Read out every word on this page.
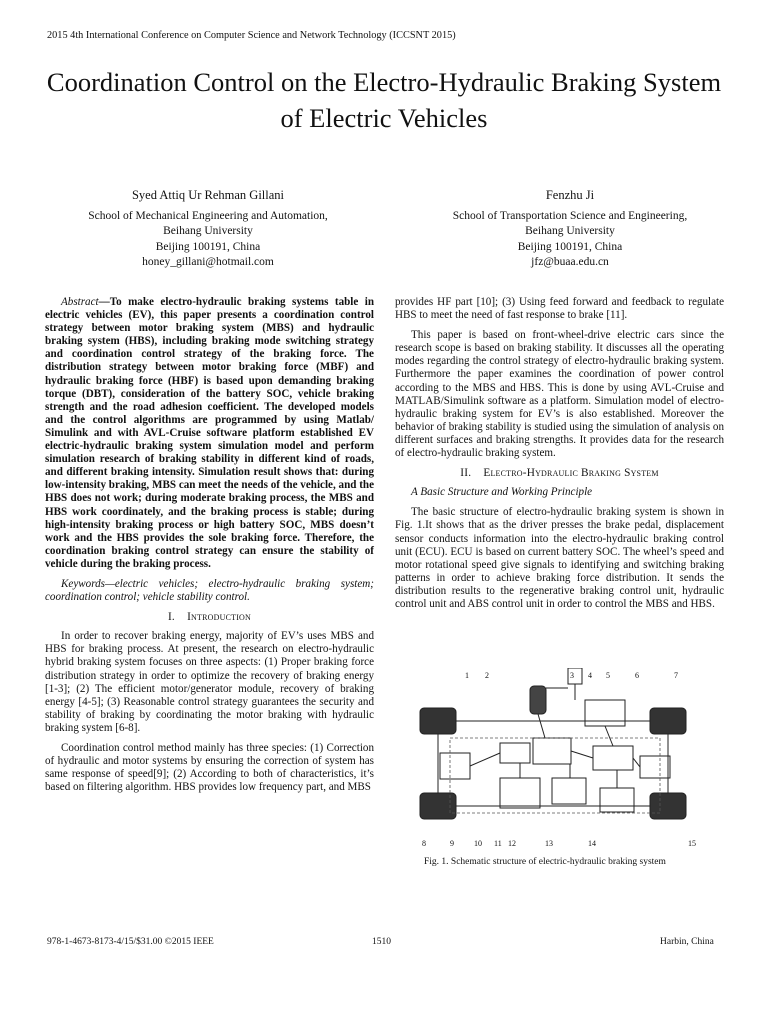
2015 4th International Conference on Computer Science and Network Technology (ICCSNT 2015)
Coordination Control on the Electro-Hydraulic Braking System of Electric Vehicles
Syed Attiq Ur Rehman Gillani
School of Mechanical Engineering and Automation,
Beihang University
Beijing 100191, China
honey_gillani@hotmail.com
Fenzhu Ji
School of Transportation Science and Engineering,
Beihang University
Beijing 100191, China
jfz@buaa.edu.cn

Abstract—To make electro-hydraulic braking systems table in electric vehicles (EV), this paper presents a coordination control strategy between motor braking system (MBS) and hydraulic braking system (HBS), including braking mode switching strategy and coordination control strategy of the braking force. The distribution strategy between motor braking force (MBF) and hydraulic braking force (HBF) is based upon demanding braking torque (DBT), consideration of the battery SOC, vehicle braking strength and the road adhesion coefficient. The developed models and the control algorithms are programmed by using Matlab/ Simulink and with AVL-Cruise software platform established EV electric-hydraulic braking system simulation model and perform simulation research of braking stability in different kind of roads, and different braking intensity. Simulation result shows that: during low-intensity braking, MBS can meet the needs of the vehicle, and the HBS does not work; during moderate braking process, the MBS and HBS work coordinately, and the braking process is stable; during high-intensity braking process or high battery SOC, MBS doesn’t work and the HBS provides the sole braking force. Therefore, the coordination braking control strategy can ensure the stability of vehicle during the braking process.

Keywords—electric vehicles; electro-hydraulic braking system; coordination control; vehicle stability control.

I. Introduction

In order to recover braking energy, majority of EV’s uses MBS and HBS for braking process. At present, the research on electro-hydraulic hybrid braking system focuses on three aspects: (1) Proper braking force distribution strategy in order to optimize the recovery of braking energy [1-3]; (2) The efficient motor/generator module, recovery of braking energy [4-5]; (3) Reasonable control strategy guarantees the security and stability of braking by coordinating the motor braking with hydraulic braking system [6-8].

Coordination control method mainly has three species: (1) Correction of hydraulic and motor systems by ensuring the correction of system has same response of speed[9]; (2) According to both of characteristics, it’s based on filtering algorithm. HBS provides low frequency part, and MBS

provides HF part [10]; (3) Using feed forward and feedback to regulate HBS to meet the need of fast response to brake [11].

This paper is based on front-wheel-drive electric cars since the research scope is based on braking stability. It discusses all the operating modes regarding the control strategy of electro-hydraulic braking system. Furthermore the paper examines the coordination of power control according to the MBS and HBS. This is done by using AVL-Cruise and MATLAB/Simulink software as a platform. Simulation model of electro-hydraulic braking system for EV’s is also established. Moreover the behavior of braking stability is studied using the simulation of analysis on different surfaces and braking strengths. It provides data for the research of electro-hydraulic braking system.

II. Electro-Hydraulic Braking System

A Basic Structure and Working Principle

The basic structure of electro-hydraulic braking system is shown in Fig. 1.It shows that as the driver presses the brake pedal, displacement sensor conducts information into the electro-hydraulic braking control unit (ECU). ECU is based on current battery SOC. The wheel’s speed and motor rotational speed give signals to identifying and switching braking patterns in order to achieve braking force distribution. It sends the distribution results to the regenerative braking control unit, hydraulic control unit and ABS control unit in order to control the MBS and HBS.

1 2	3 4 5	6	7
8	9	10 11 12	13	14	15
Fig. 1. Schematic structure of electric-hydraulic braking system
978-1-4673-8173-4/15/$31.00 ©2015 IEEE	1510	Harbin, China
